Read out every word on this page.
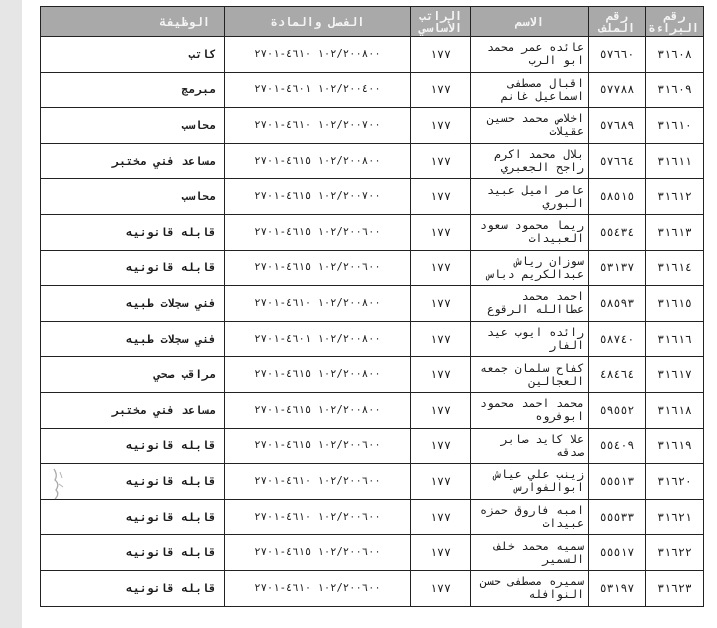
رقم البراءة	رقم الملف	الاسم	الراتب الأساسي	الفصل والمادة	الوظيفة
٣١٦٠٨	٥٧٦٦٠	عائده عمر محمد ابو الرب	١٧٧	١٠٢/٢٠٠٨٠٠ ٤٦١٠-٢٧٠١	كاتب
٣١٦٠٩	٥٧٧٨٨	اقبال مصطفى اسماعيل غانم	١٧٧	١٠٢/٢٠٠٤٠٠ ٤٦٠١-٢٧٠١	مبرمج
٣١٦١٠	٥٧٦٨٩	اخلاص محمد حسين عقيلات	١٧٧	١٠٢/٢٠٠٧٠٠ ٤٦١٠-٢٧٠١	محاسب
٣١٦١١	٥٧٦٦٤	بلال محمد اكرم راجح الجعبري	١٧٧	١٠٢/٢٠٠٨٠٠ ٤٦١٥-٢٧٠١	مساعد فني مختبر
٣١٦١٢	٥٨٥١٥	عامر اميل عبيد البوري	١٧٧	١٠٢/٢٠٠٧٠٠ ٤٦١٥-٢٧٠١	محاسب
٣١٦١٣	٥٥٤٣٤	ريما محمود سعود العبيدات	١٧٧	١٠٢/٢٠٠٦٠٠ ٤٦١٥-٢٧٠١	قابله قانونيه
٣١٦١٤	٥٣١٣٧	سوزان رياش عبدالكريم دباس	١٧٧	١٠٢/٢٠٠٦٠٠ ٤٦١٥-٢٧٠١	قابله قانونيه
٣١٦١٥	٥٨٥٩٣	احمد محمد عطاالله الرقوع	١٧٧	١٠٢/٢٠٠٨٠٠ ٤٦١٠-٢٧٠١	فني سجلات طبيه
٣١٦١٦	٥٨٧٤٠	رائده ايوب عيد الفار	١٧٧	١٠٢/٢٠٠٨٠٠ ٤٦٠١-٢٧٠١	فني سجلات طبيه
٣١٦١٧	٤٨٤٦٤	كفاح سلمان جمعه العجالين	١٧٧	١٠٢/٢٠٠٨٠٠ ٤٦١٥-٢٧٠١	مراقب صحي
٣١٦١٨	٥٩٥٥٢	محمد احمد محمود ابوفروه	١٧٧	١٠٢/٢٠٠٨٠٠ ٤٦١٥-٢٧٠١	مساعد فني مختبر
٣١٦١٩	٥٥٤٠٩	علا كايد صابر صدقه	١٧٧	١٠٢/٢٠٠٦٠٠ ٤٦١٥-٢٧٠١	قابله قانونيه
٣١٦٢٠	٥٥٥١٣	زينب علي عياش ابوالفوارس	١٧٧	١٠٢/٢٠٠٦٠٠ ٤٦١٠-٢٧٠١	قابله قانونيه
٣١٦٢١	٥٥٥٣٣	امبه فاروق حمزه عبيدات	١٧٧	١٠٢/٢٠٠٦٠٠ ٤٦١٠-٢٧٠١	قابله قانونيه
٣١٦٢٢	٥٥٥١٧	سميه محمد خلف السمير	١٧٧	١٠٢/٢٠٠٦٠٠ ٤٦١٥-٢٧٠١	قابله قانونيه
٣١٦٢٣	٥٣١٩٧	سميره مصطفى حسن النوافله	١٧٧	١٠٢/٢٠٠٦٠٠ ٤٦١٠-٢٧٠١	قابله قانونيه
